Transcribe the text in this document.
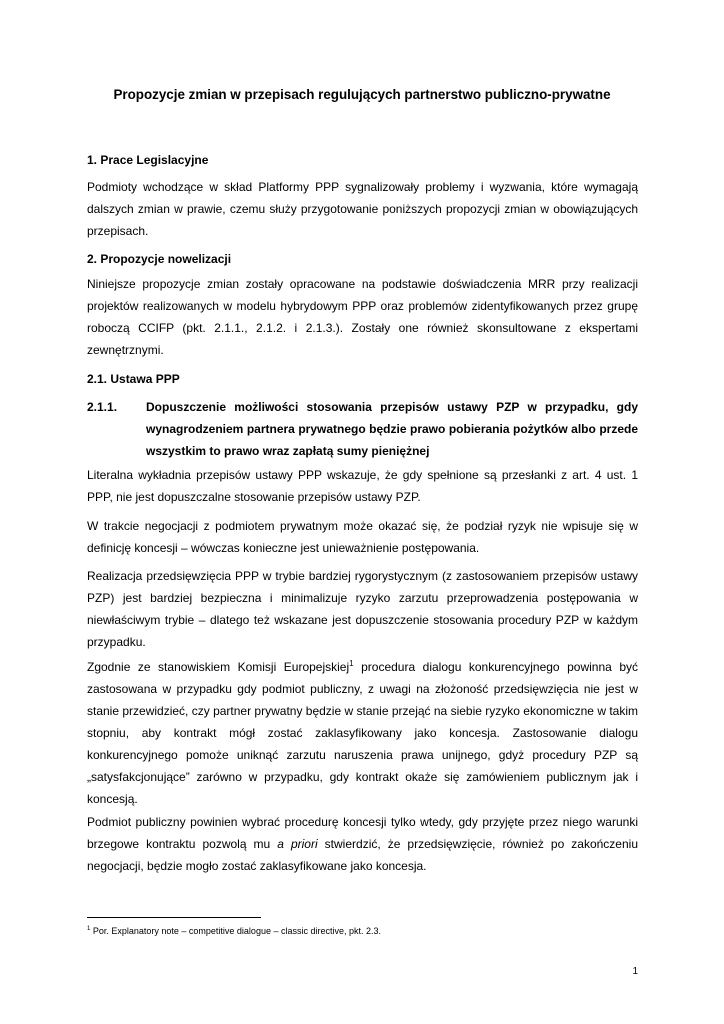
Propozycje zmian w przepisach regulujących partnerstwo publiczno-prywatne
1. Prace Legislacyjne
Podmioty wchodzące w skład Platformy PPP sygnalizowały problemy i wyzwania, które wymagają dalszych zmian w prawie, czemu służy przygotowanie poniższych propozycji zmian w obowiązujących przepisach.
2. Propozycje nowelizacji
Niniejsze propozycje zmian zostały opracowane na podstawie doświadczenia MRR przy realizacji projektów realizowanych w modelu hybrydowym PPP oraz problemów zidentyfikowanych przez grupę roboczą CCIFP (pkt. 2.1.1., 2.1.2. i 2.1.3.). Zostały one również skonsultowane z ekspertami zewnętrznymi.
2.1. Ustawa PPP
2.1.1. Dopuszczenie możliwości stosowania przepisów ustawy PZP w przypadku, gdy wynagrodzeniem partnera prywatnego będzie prawo pobierania pożytków albo przede wszystkim to prawo wraz zapłatą sumy pieniężnej
Literalna wykładnia przepisów ustawy PPP wskazuje, że gdy spełnione są przesłanki z art. 4 ust. 1 PPP, nie jest dopuszczalne stosowanie przepisów ustawy PZP.
W trakcie negocjacji z podmiotem prywatnym może okazać się, że podział ryzyk nie wpisuje się w definicję koncesji – wówczas konieczne jest unieważnienie postępowania.
Realizacja przedsięwzięcia PPP w trybie bardziej rygorystycznym (z zastosowaniem przepisów ustawy PZP) jest bardziej bezpieczna i minimalizuje ryzyko zarzutu przeprowadzenia postępowania w niewłaściwym trybie – dlatego też wskazane jest dopuszczenie stosowania procedury PZP w każdym przypadku.
Zgodnie ze stanowiskiem Komisji Europejskiej$^1$ procedura dialogu konkurencyjnego powinna być zastosowana w przypadku gdy podmiot publiczny, z uwagi na złożoność przedsięwzięcia nie jest w stanie przewidzieć, czy partner prywatny będzie w stanie przejąć na siebie ryzyko ekonomiczne w takim stopniu, aby kontrakt mógł zostać zaklasyfikowany jako koncesja. Zastosowanie dialogu konkurencyjnego pomoże uniknąć zarzutu naruszenia prawa unijnego, gdyż procedury PZP są „satysfakcjonujące” zarówno w przypadku, gdy kontrakt okaże się zamówieniem publicznym jak i koncesją.
Podmiot publiczny powinien wybrać procedurę koncesji tylko wtedy, gdy przyjęte przez niego warunki brzegowe kontraktu pozwolą mu a priori stwierdzić, że przedsięwzięcie, również po zakończeniu negocjacji, będzie mogło zostać zaklasyfikowane jako koncesja.
$^1$ Por. Explanatory note – competitive dialogue – classic directive, pkt. 2.3.
1
